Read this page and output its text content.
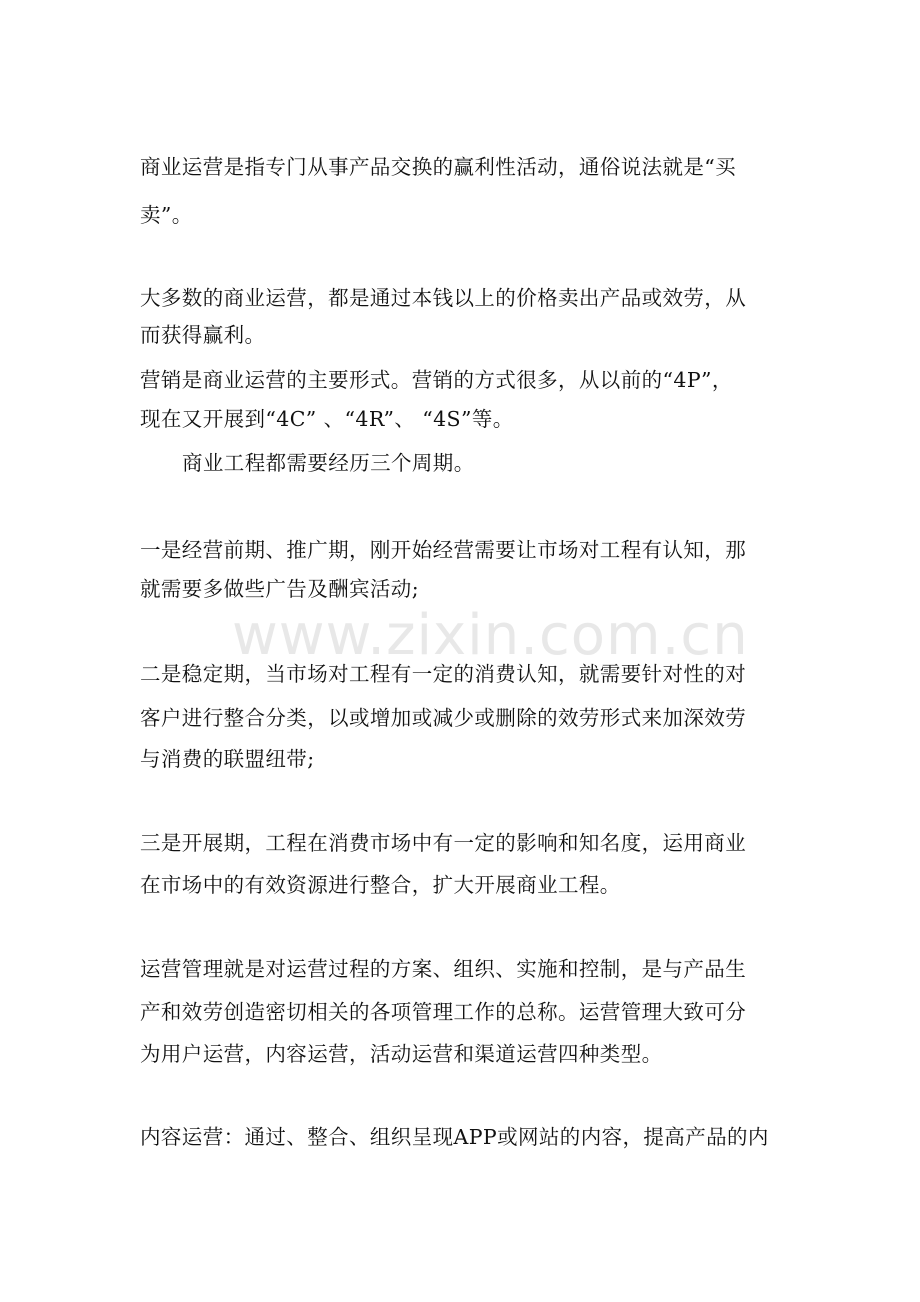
www.zixin.com.cn
商业运营是指专门从事产品交换的赢利性活动，通俗说法就是“买
卖”。
大多数的商业运营，都是通过本钱以上的价格卖出产品或效劳，从
而获得赢利。
营销是商业运营的主要形式。营销的方式很多，从以前的“4P”，
现在又开展到“4C” 、“4R”、 “4S”等。
商业工程都需要经历三个周期。
一是经营前期、推广期，刚开始经营需要让市场对工程有认知，那
就需要多做些广告及酬宾活动;
二是稳定期，当市场对工程有一定的消费认知，就需要针对性的对
客户进行整合分类，以或增加或减少或删除的效劳形式来加深效劳
与消费的联盟纽带;
三是开展期，工程在消费市场中有一定的影响和知名度，运用商业
在市场中的有效资源进行整合，扩大开展商业工程。
运营管理就是对运营过程的方案、组织、实施和控制，是与产品生
产和效劳创造密切相关的各项管理工作的总称。运营管理大致可分
为用户运营，内容运营，活动运营和渠道运营四种类型。
内容运营：通过、整合、组织呈现APP或网站的内容，提高产品的内
